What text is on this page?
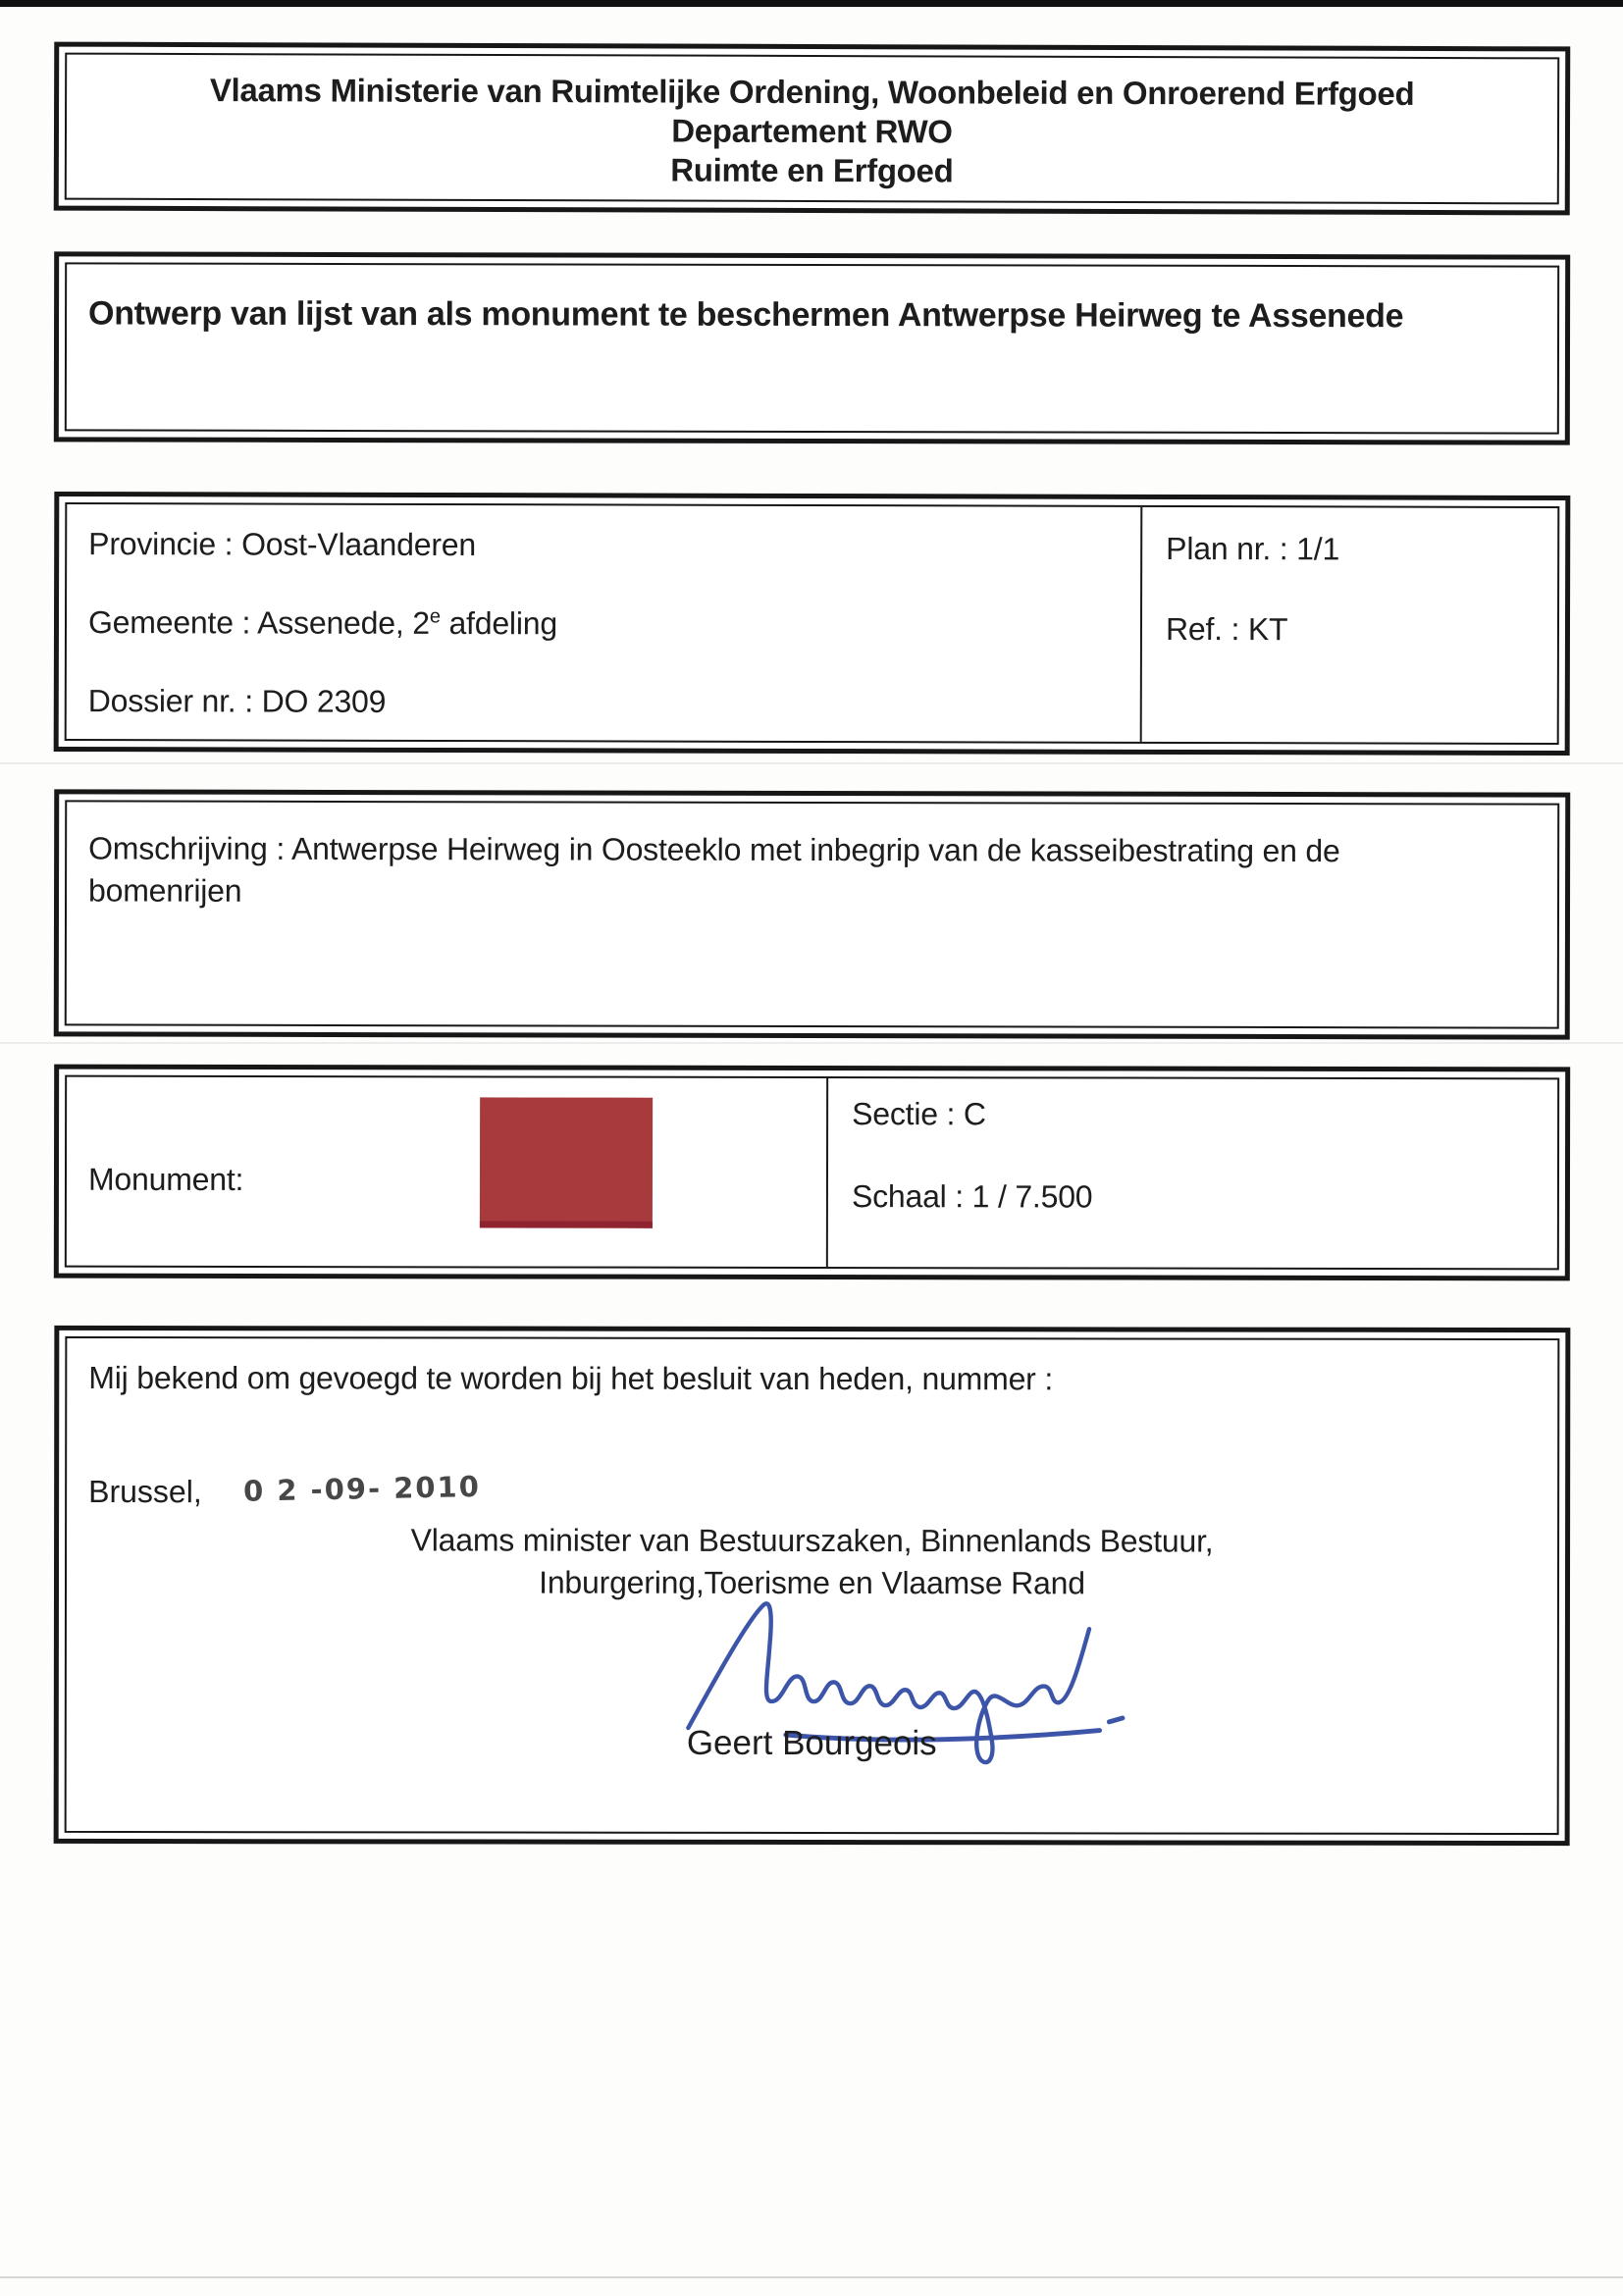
Vlaams Ministerie van Ruimtelijke Ordening, Woonbeleid en Onroerend Erfgoed
Departement RWO
Ruimte en Erfgoed
Ontwerp van lijst van als monument te beschermen Antwerpse Heirweg te Assenede
Provincie : Oost-Vlaanderen
Gemeente : Assenede, 2e afdeling
Dossier nr. : DO 2309
Plan nr. : 1/1
Ref. : KT
Omschrijving : Antwerpse Heirweg in Oosteeklo met inbegrip van de kasseibestrating en de bomenrijen
Monument:
Sectie : C
Schaal : 1 / 7.500
Mij bekend om gevoegd te worden bij het besluit van heden, nummer :
Brussel, 0 2 -09- 2010
Vlaams minister van Bestuurszaken, Binnenlands Bestuur,
Inburgering,Toerisme en Vlaamse Rand
Geert Bourgeois
